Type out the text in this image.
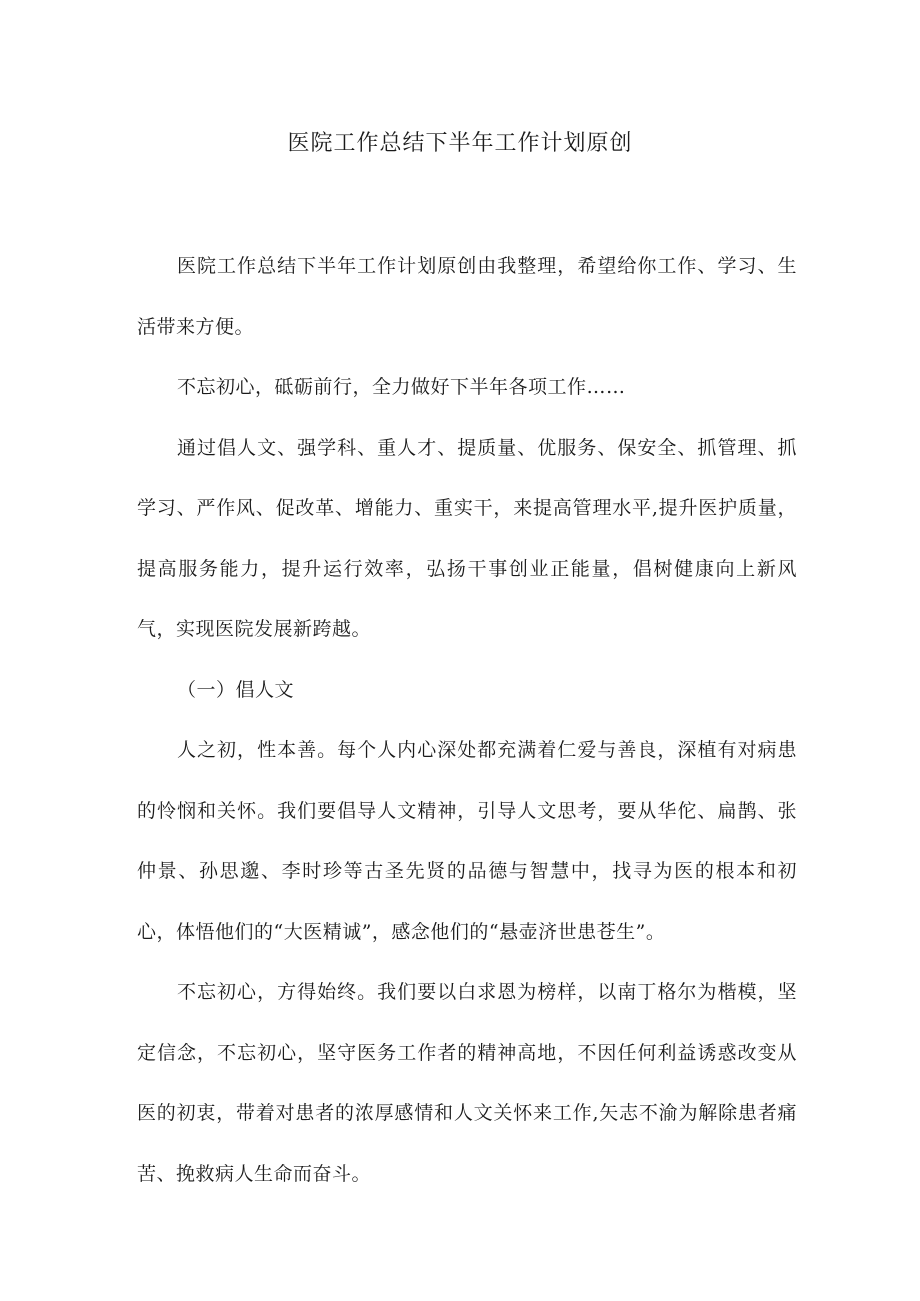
医院工作总结下半年工作计划原创

医院工作总结下半年工作计划原创由我整理，希望给你工作、学习、生活带来方便。

不忘初心，砥砺前行，全力做好下半年各项工作……

通过倡人文、强学科、重人才、提质量、优服务、保安全、抓管理、抓学习、严作风、促改革、增能力、重实干，来提高管理水平,提升医护质量，提高服务能力，提升运行效率，弘扬干事创业正能量，倡树健康向上新风气，实现医院发展新跨越。

（一）倡人文

人之初，性本善。每个人内心深处都充满着仁爱与善良，深植有对病患的怜悯和关怀。我们要倡导人文精神，引导人文思考，要从华佗、扁鹊、张仲景、孙思邈、李时珍等古圣先贤的品德与智慧中，找寻为医的根本和初心，体悟他们的“大医精诚”，感念他们的“悬壶济世患苍生”。

不忘初心，方得始终。我们要以白求恩为榜样，以南丁格尔为楷模，坚定信念，不忘初心，坚守医务工作者的精神高地，不因任何利益诱惑改变从医的初衷，带着对患者的浓厚感情和人文关怀来工作,矢志不渝为解除患者痛苦、挽救病人生命而奋斗。
